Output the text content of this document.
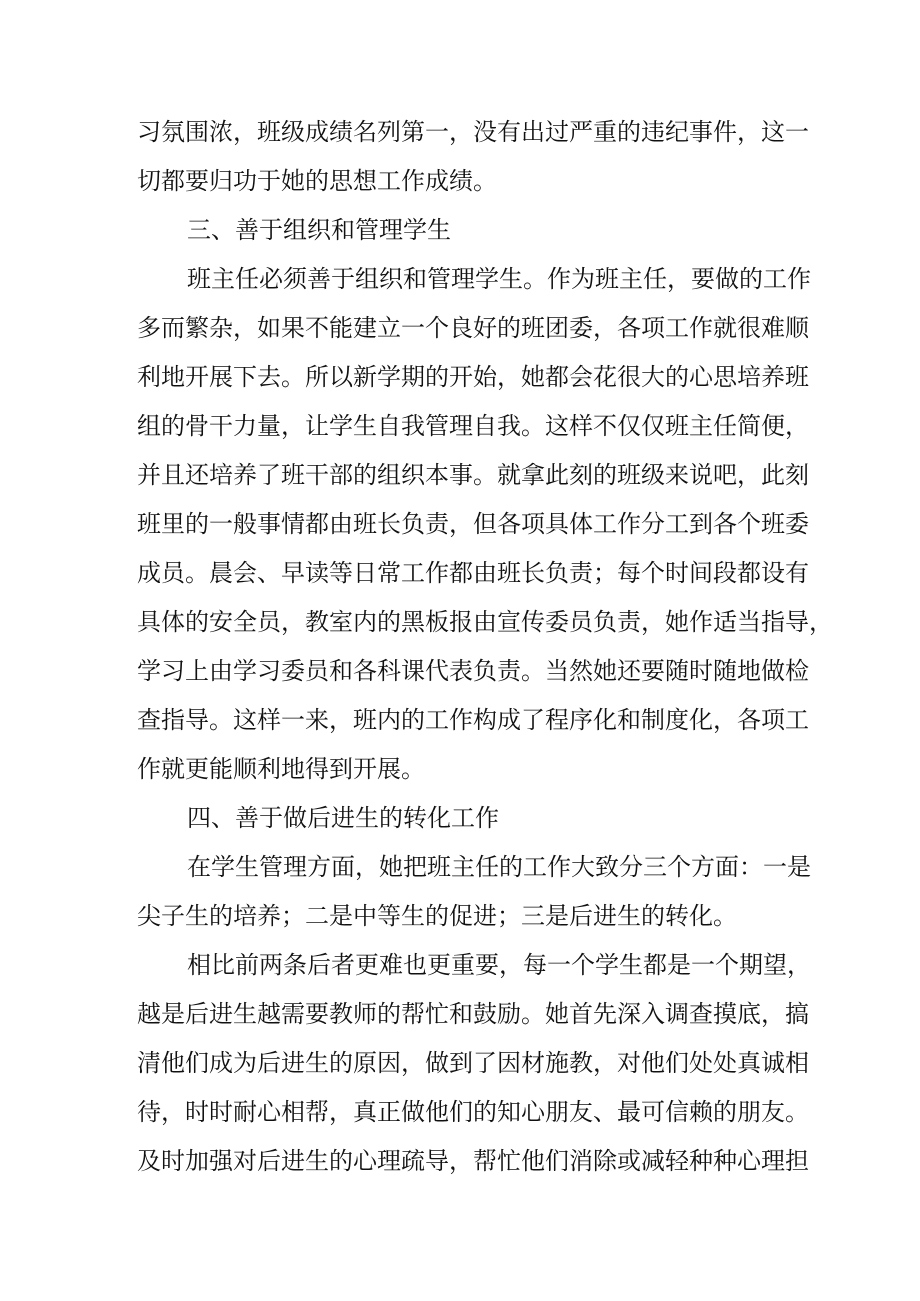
习氛围浓，班级成绩名列第一，没有出过严重的违纪事件，这一
切都要归功于她的思想工作成绩。
三、善于组织和管理学生
班主任必须善于组织和管理学生。作为班主任，要做的工作
多而繁杂，如果不能建立一个良好的班团委，各项工作就很难顺
利地开展下去。所以新学期的开始，她都会花很大的心思培养班
组的骨干力量，让学生自我管理自我。这样不仅仅班主任简便，
并且还培养了班干部的组织本事。就拿此刻的班级来说吧，此刻
班里的一般事情都由班长负责，但各项具体工作分工到各个班委
成员。晨会、早读等日常工作都由班长负责；每个时间段都设有
具体的安全员，教室内的黑板报由宣传委员负责，她作适当指导，
学习上由学习委员和各科课代表负责。当然她还要随时随地做检
查指导。这样一来，班内的工作构成了程序化和制度化，各项工
作就更能顺利地得到开展。
四、善于做后进生的转化工作
在学生管理方面，她把班主任的工作大致分三个方面：一是
尖子生的培养；二是中等生的促进；三是后进生的转化。
相比前两条后者更难也更重要，每一个学生都是一个期望，
越是后进生越需要教师的帮忙和鼓励。她首先深入调查摸底，搞
清他们成为后进生的原因，做到了因材施教，对他们处处真诚相
待，时时耐心相帮，真正做他们的知心朋友、最可信赖的朋友。
及时加强对后进生的心理疏导，帮忙他们消除或减轻种种心理担
